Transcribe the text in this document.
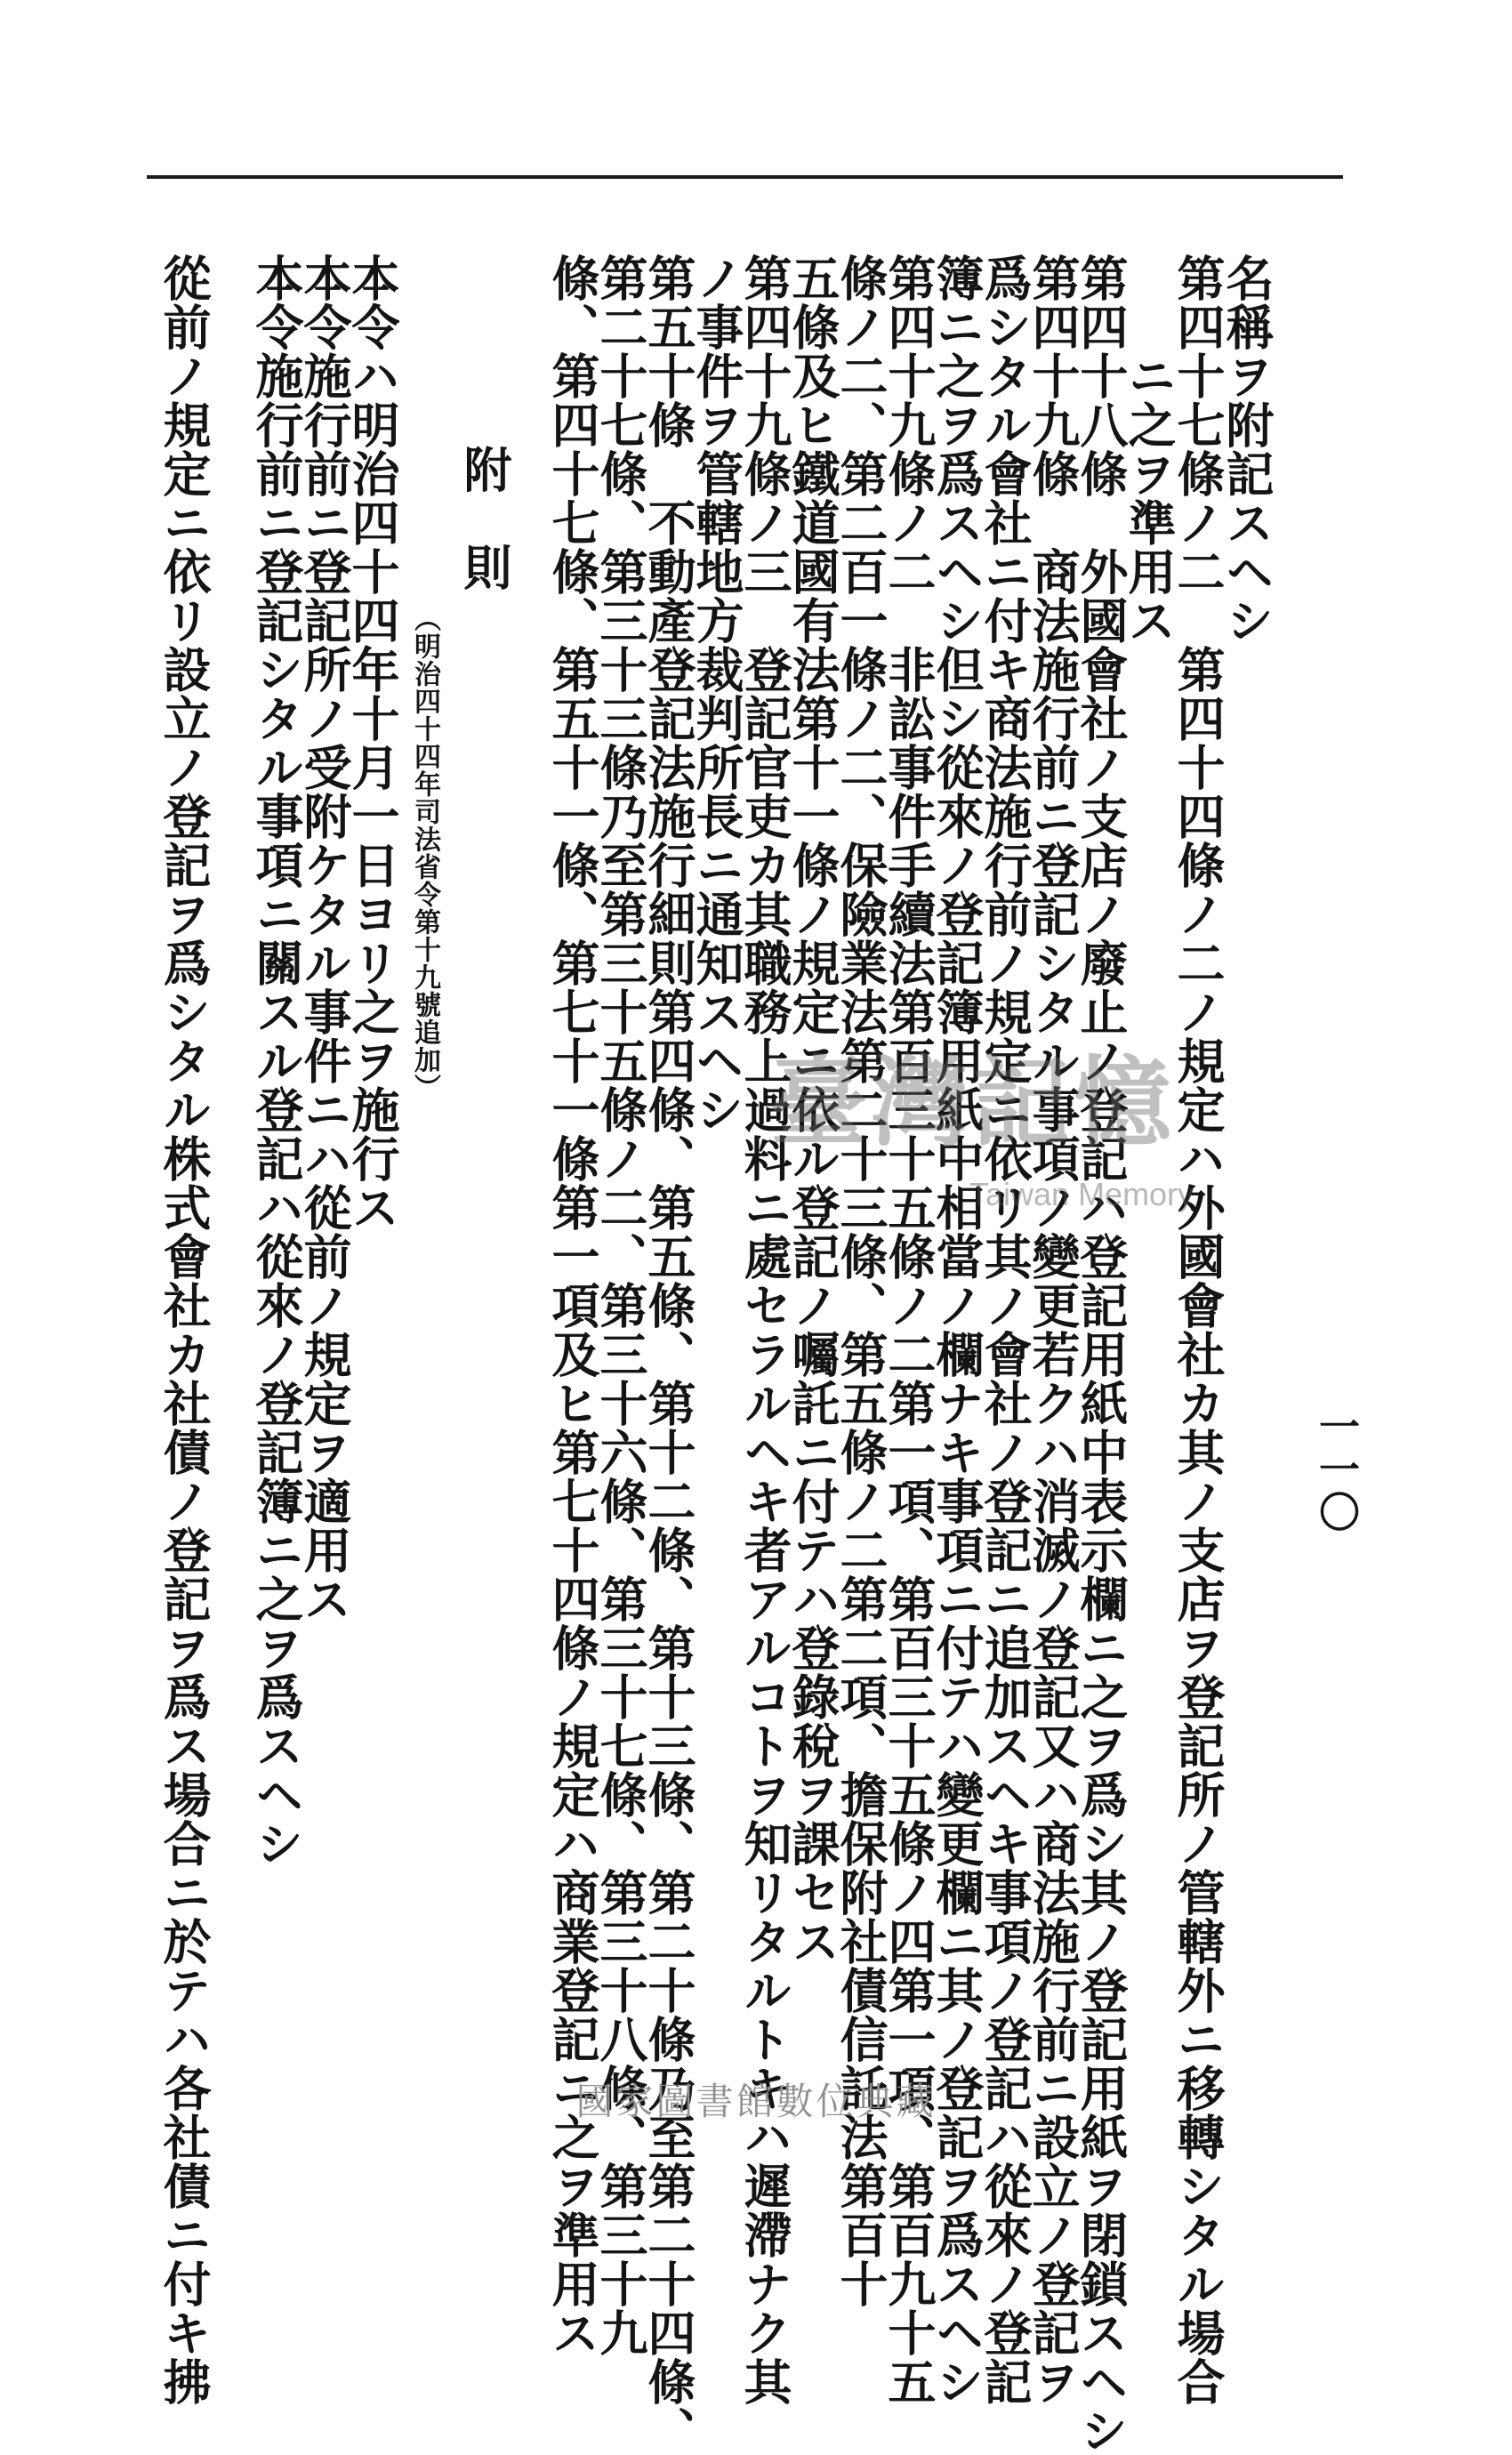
一一〇
名稱ヲ附記スヘシ
第四十七條ノ二　第四十四條ノ二ノ規定ハ外國會社カ其ノ支店ヲ登記所ノ管轄外ニ移轉シタル場合
ニ之ヲ準用ス
第四十八條　外國會社ノ支店ノ廢止ノ登記ハ登記用紙中表示欄ニ之ヲ爲シ其ノ登記用紙ヲ閉鎖スヘシ
第四十九條　商法施行前ニ登記シタル事項ノ變更若クハ消滅ノ登記又ハ商法施行前ニ設立ノ登記ヲ
爲シタル會社ニ付キ商法施行前ノ規定ニ依リ其ノ會社ノ登記ニ追加スヘキ事項ノ登記ハ從來ノ登記
簿ニ之ヲ爲スヘシ但シ從來ノ登記簿用紙中相當ノ欄ナキ事項ニ付テハ變更欄ニ其ノ登記ヲ爲スヘシ
第四十九條ノ二　非訟事件手續法第百三十五條ノ二第一項、第百三十五條ノ四第一項、第百九十五
條ノ二、第二百一條ノ二、保險業法第二十三條、第五條ノ二第二項、擔保附社債信託法第百十
五條及ヒ鐵道國有法第十一條ノ規定ニ依ル登記ノ囑託ニ付テハ登錄稅ヲ課セス
第四十九條ノ三　登記官吏カ其職務上過料ニ處セラルヘキ者アルコトヲ知リタルトキハ遲滯ナク其
ノ事件ヲ管轄地方裁判所長ニ通知スヘシ
第五十條　不動產登記法施行細則第四條、第五條、第十二條、第十三條、第二十條乃至第二十四條、
第二十七條、第三十三條乃至第三十五條ノ二、第三十六條、第三十七條、第三十八條、第三十九
條、第四十七條、第五十一條、第七十一條第一項及ヒ第七十四條ノ規定ハ商業登記ニ之ヲ準用ス
附　則
（明治四十四年司法省令第十九號追加）
本令ハ明治四十四年十月一日ヨリ之ヲ施行ス
本令施行前ニ登記所ノ受附ケタル事件ニハ從前ノ規定ヲ適用ス
本令施行前ニ登記シタル事項ニ關スル登記ハ從來ノ登記簿ニ之ヲ爲スヘシ
從前ノ規定ニ依リ設立ノ登記ヲ爲シタル株式會社カ社債ノ登記ヲ爲ス場合ニ於テハ各社債ニ付キ拂	臺灣記憶
Taiwan Memory
國家圖書館數位典藏
